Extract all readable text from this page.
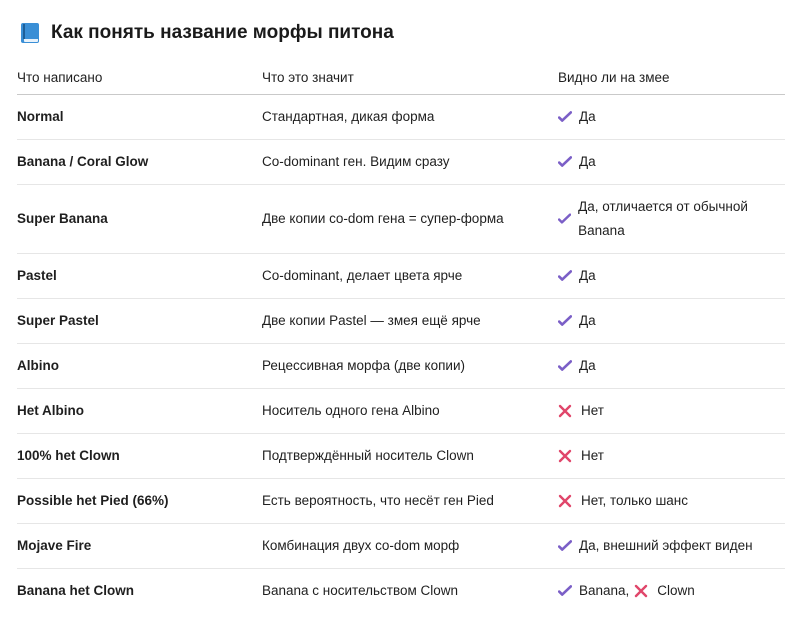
Как понять название морфы питона
Что написано	Что это значит	Видно ли на змее
Normal	Стандартная, дикая форма	Да

Banana / Coral Glow	Co-dominant ген. Видим сразу	Да

Super Banana	Две копии co-dom гена = супер-форма	Да, отличается от обычной Banana

Pastel	Co-dominant, делает цвета ярче	Да

Super Pastel	Две копии Pastel — змея ещё ярче	Да

Albino	Рецессивная морфа (две копии)	Да

Het Albino	Носитель одного гена Albino	Нет

100% het Clown	Подтверждённый носитель Clown	Нет

Possible het Pied (66%)	Есть вероятность, что несёт ген Pied	Нет, только шанс

Mojave Fire	Комбинация двух co-dom морф	Да, внешний эффект виден

Banana het Clown	Banana с носительством Clown	Banana, Clown
